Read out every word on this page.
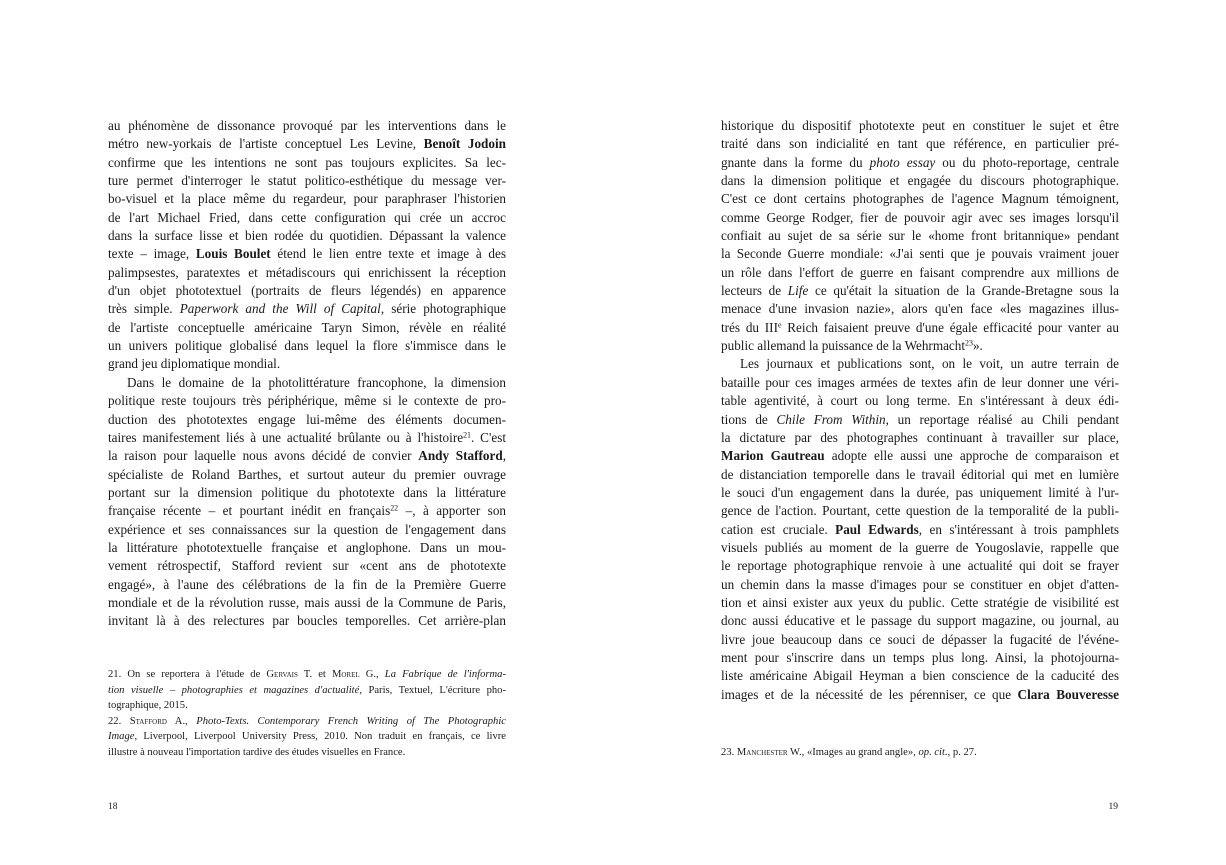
au phénomène de dissonance provoqué par les interventions dans le
métro new-yorkais de l'artiste conceptuel Les Levine, Benoît Jodoin
confirme que les intentions ne sont pas toujours explicites. Sa lec-
ture permet d'interroger le statut politico-esthétique du message ver-
bo-visuel et la place même du regardeur, pour paraphraser l'historien
de l'art Michael Fried, dans cette configuration qui crée un accroc
dans la surface lisse et bien rodée du quotidien. Dépassant la valence
texte – image, Louis Boulet étend le lien entre texte et image à des
palimpsestes, paratextes et métadiscours qui enrichissent la réception
d'un objet phototextuel (portraits de fleurs légendés) en apparence
très simple. Paperwork and the Will of Capital, série photographique
de l'artiste conceptuelle américaine Taryn Simon, révèle en réalité
un univers politique globalisé dans lequel la flore s'immisce dans le
grand jeu diplomatique mondial.
Dans le domaine de la photolittérature francophone, la dimension
politique reste toujours très périphérique, même si le contexte de pro-
duction des phototextes engage lui-même des éléments documen-
taires manifestement liés à une actualité brûlante ou à l'histoire$^{21}$. C'est
la raison pour laquelle nous avons décidé de convier Andy Stafford,
spécialiste de Roland Barthes, et surtout auteur du premier ouvrage
portant sur la dimension politique du phototexte dans la littérature
française récente – et pourtant inédit en français$^{22}$ –, à apporter son
expérience et ses connaissances sur la question de l'engagement dans
la littérature phototextuelle française et anglophone. Dans un mou-
vement rétrospectif, Stafford revient sur «cent ans de phototexte
engagé», à l'aune des célébrations de la fin de la Première Guerre
mondiale et de la révolution russe, mais aussi de la Commune de Paris,
invitant là à des relectures par boucles temporelles. Cet arrière-plan
21. On se reportera à l'étude de Gervais T. et Morel G., La Fabrique de l'informa-
tion visuelle – photographies et magazines d'actualité, Paris, Textuel, L'écriture pho-
tographique, 2015.
22. Stafford A., Photo-Texts. Contemporary French Writing of The Photographic
Image, Liverpool, Liverpool University Press, 2010. Non traduit en français, ce livre
illustre à nouveau l'importation tardive des études visuelles en France.
18
historique du dispositif phototexte peut en constituer le sujet et être
traité dans son indicialité en tant que référence, en particulier pré-
gnante dans la forme du photo essay ou du photo-reportage, centrale
dans la dimension politique et engagée du discours photographique.
C'est ce dont certains photographes de l'agence Magnum témoignent,
comme George Rodger, fier de pouvoir agir avec ses images lorsqu'il
confiait au sujet de sa série sur le «home front britannique» pendant
la Seconde Guerre mondiale: «J'ai senti que je pouvais vraiment jouer
un rôle dans l'effort de guerre en faisant comprendre aux millions de
lecteurs de Life ce qu'était la situation de la Grande-Bretagne sous la
menace d'une invasion nazie», alors qu'en face «les magazines illus-
trés du IIIe Reich faisaient preuve d'une égale efficacité pour vanter au
public allemand la puissance de la Wehrmacht$^{23}$».
Les journaux et publications sont, on le voit, un autre terrain de
bataille pour ces images armées de textes afin de leur donner une véri-
table agentivité, à court ou long terme. En s'intéressant à deux édi-
tions de Chile From Within, un reportage réalisé au Chili pendant
la dictature par des photographes continuant à travailler sur place,
Marion Gautreau adopte elle aussi une approche de comparaison et
de distanciation temporelle dans le travail éditorial qui met en lumière
le souci d'un engagement dans la durée, pas uniquement limité à l'ur-
gence de l'action. Pourtant, cette question de la temporalité de la publi-
cation est cruciale. Paul Edwards, en s'intéressant à trois pamphlets
visuels publiés au moment de la guerre de Yougoslavie, rappelle que
le reportage photographique renvoie à une actualité qui doit se frayer
un chemin dans la masse d'images pour se constituer en objet d'atten-
tion et ainsi exister aux yeux du public. Cette stratégie de visibilité est
donc aussi éducative et le passage du support magazine, ou journal, au
livre joue beaucoup dans ce souci de dépasser la fugacité de l'événe-
ment pour s'inscrire dans un temps plus long. Ainsi, la photojourna-
liste américaine Abigail Heyman a bien conscience de la caducité des
images et de la nécessité de les pérenniser, ce que Clara Bouveresse
23. Manchester W., «Images au grand angle», op. cit., p. 27.
19
